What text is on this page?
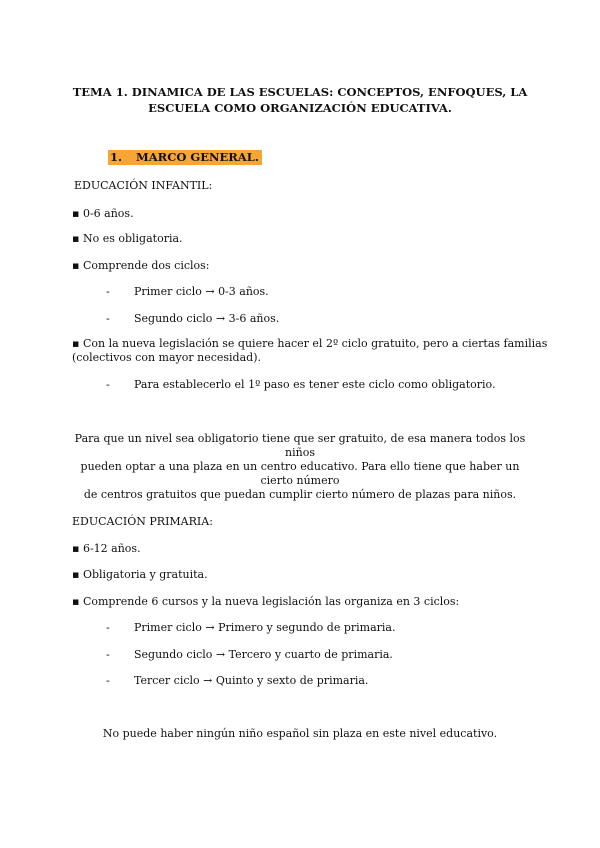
TEMA 1. DINAMICA DE LAS ESCUELAS: CONCEPTOS, ENFOQUES, LA
ESCUELA COMO ORGANIZACIÓN EDUCATIVA.
1. MARCO GENERAL.
EDUCACIÓN INFANTIL:
▪ 0-6 años.
▪ No es obligatoria.
▪ Comprende dos ciclos:
- Primer ciclo → 0-3 años.
- Segundo ciclo → 3-6 años.
▪ Con la nueva legislación se quiere hacer el 2º ciclo gratuito, pero a ciertas familias
(colectivos con mayor necesidad).
- Para establecerlo el 1º paso es tener este ciclo como obligatorio.
Para que un nivel sea obligatorio tiene que ser gratuito, de esa manera todos los niños
pueden optar a una plaza en un centro educativo. Para ello tiene que haber un cierto número
de centros gratuitos que puedan cumplir cierto número de plazas para niños.
EDUCACIÓN PRIMARIA:
▪ 6-12 años.
▪ Obligatoria y gratuita.
▪ Comprende 6 cursos y la nueva legislación las organiza en 3 ciclos:
- Primer ciclo → Primero y segundo de primaria.
- Segundo ciclo → Tercero y cuarto de primaria.
- Tercer ciclo → Quinto y sexto de primaria.
No puede haber ningún niño español sin plaza en este nivel educativo.
